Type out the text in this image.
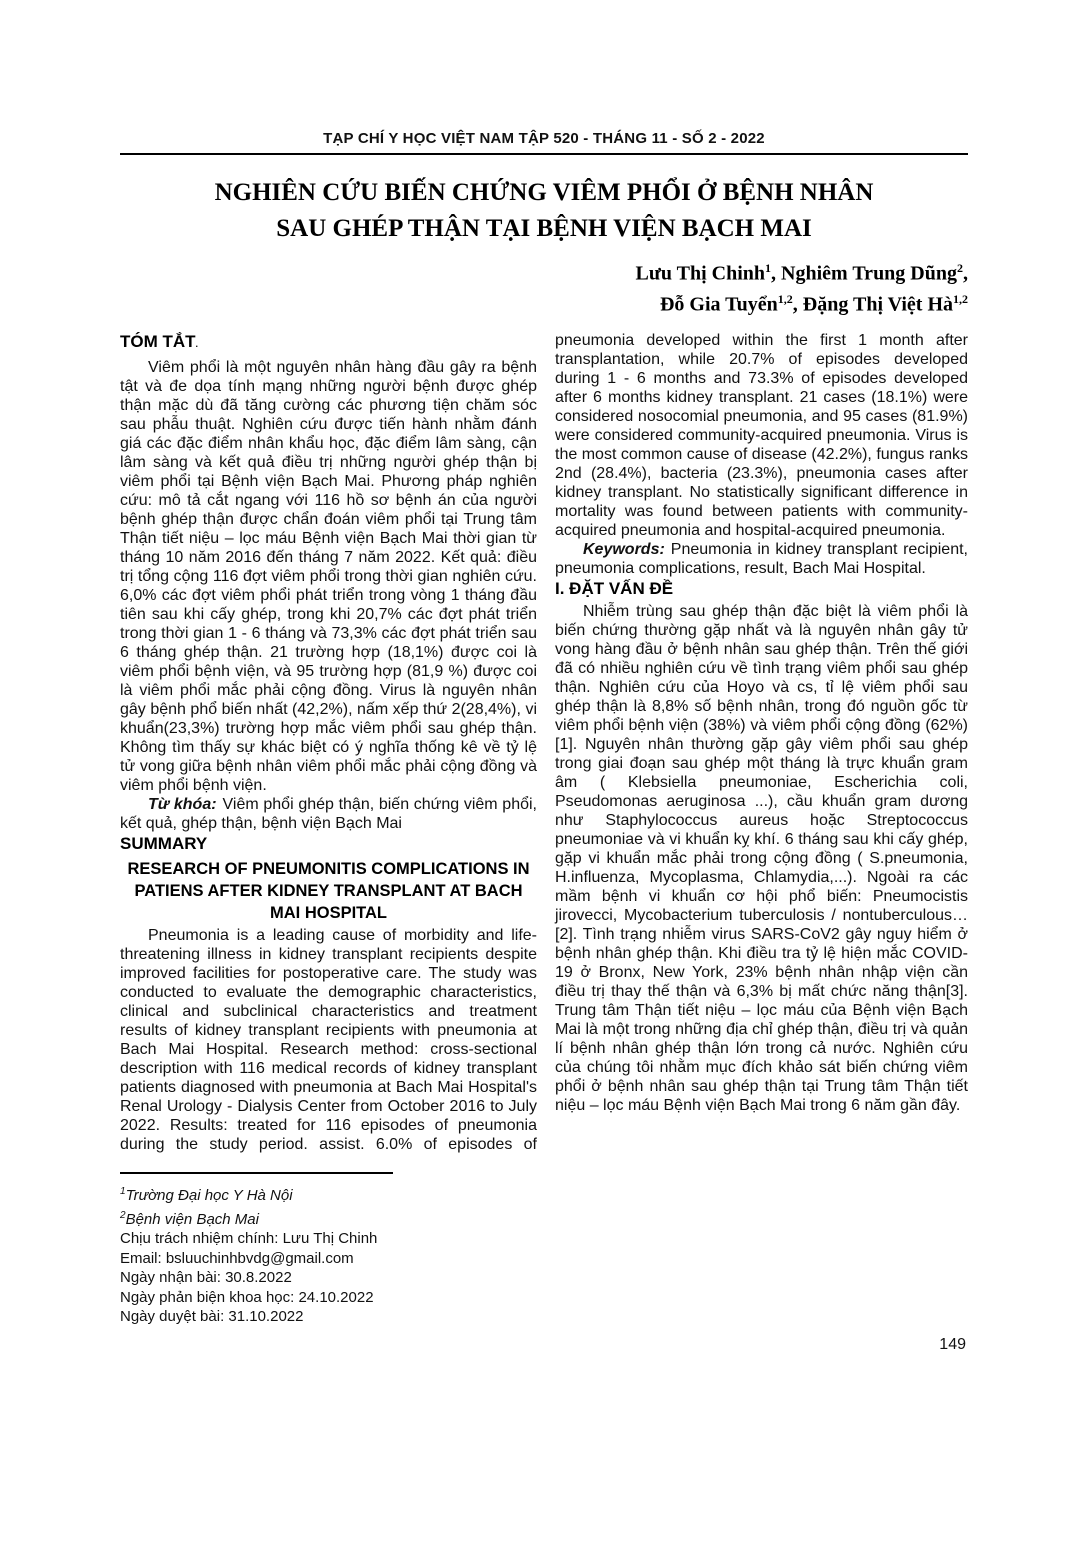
TẠP CHÍ Y HỌC VIỆT NAM TẬP 520 - THÁNG 11 - SỐ 2 - 2022
NGHIÊN CỨU BIẾN CHỨNG VIÊM PHỔI Ở BỆNH NHÂN
SAU GHÉP THẬN TẠI BỆNH VIỆN BẠCH MAI
Lưu Thị Chinh$^1$, Nghiêm Trung Dũng$^2$,
Đỗ Gia Tuyển$^{1,2}$, Đặng Thị Việt Hà$^{1,2}$
TÓM TẮT.

Viêm phổi là một nguyên nhân hàng đầu gây ra bệnh tật và đe dọa tính mạng những người bệnh được ghép thận mặc dù đã tăng cường các phương tiện chăm sóc sau phẫu thuật. Nghiên cứu được tiến hành nhằm đánh giá các đặc điểm nhân khẩu học, đặc điểm lâm sàng, cận lâm sàng và kết quả điều trị những người ghép thận bị viêm phổi tại Bệnh viện Bạch Mai. Phương pháp nghiên cứu: mô tả cắt ngang với 116 hồ sơ bệnh án của người bệnh ghép thận được chẩn đoán viêm phổi tại Trung tâm Thận tiết niệu – lọc máu Bệnh viện Bạch Mai thời gian từ tháng 10 năm 2016 đến tháng 7 năm 2022. Kết quả: điều trị tổng cộng 116 đợt viêm phổi trong thời gian nghiên cứu. 6,0% các đợt viêm phổi phát triển trong vòng 1 tháng đầu tiên sau khi cấy ghép, trong khi 20,7% các đợt phát triển trong thời gian 1 - 6 tháng và 73,3% các đợt phát triển sau 6 tháng ghép thận. 21 trường hợp (18,1%) được coi là viêm phổi bệnh viện, và 95 trường hợp (81,9 %) được coi là viêm phổi mắc phải cộng đồng. Virus là nguyên nhân gây bệnh phổ biến nhất (42,2%), nấm xếp thứ 2(28,4%), vi khuẩn(23,3%) trường hợp mắc viêm phổi sau ghép thận. Không tìm thấy sự khác biệt có ý nghĩa thống kê về tỷ lệ tử vong giữa bệnh nhân viêm phổi mắc phải cộng đồng và viêm phổi bệnh viện.

Từ khóa: Viêm phổi ghép thận, biến chứng viêm phổi, kết quả, ghép thận, bệnh viện Bạch Mai

SUMMARY
RESEARCH OF PNEUMONITIS COMPLICATIONS IN PATIENS AFTER KIDNEY TRANSPLANT AT BACH MAI HOSPITAL

Pneumonia is a leading cause of morbidity and life-threatening illness in kidney transplant recipients despite improved facilities for postoperative care. The study was conducted to evaluate the demographic characteristics, clinical and subclinical characteristics and treatment results of kidney transplant recipients with pneumonia at Bach Mai Hospital. Research method: cross-sectional description with 116 medical records of kidney transplant patients diagnosed with pneumonia at Bach Mai Hospital's Renal Urology - Dialysis Center from October 2016 to July 2022. Results: treated for 116 episodes of pneumonia during the study period. assist. 6.0% of episodes of

$^1$Trường Đại học Y Hà Nội

$^2$Bệnh viện Bạch Mai

Chịu trách nhiệm chính: Lưu Thị Chinh

Email: bsluuchinhbvdg@gmail.com

Ngày nhận bài: 30.8.2022

Ngày phản biện khoa học: 24.10.2022

Ngày duyệt bài: 31.10.2022

pneumonia developed within the first 1 month after transplantation, while 20.7% of episodes developed during 1 - 6 months and 73.3% of episodes developed after 6 months kidney transplant. 21 cases (18.1%) were considered nosocomial pneumonia, and 95 cases (81.9%) were considered community-acquired pneumonia. Virus is the most common cause of disease (42.2%), fungus ranks 2nd (28.4%), bacteria (23.3%), pneumonia cases after kidney transplant. No statistically significant difference in mortality was found between patients with community-acquired pneumonia and hospital-acquired pneumonia.

Keywords: Pneumonia in kidney transplant recipient, pneumonia complications, result, Bach Mai Hospital.

I. ĐẶT VẤN ĐỀ

Nhiễm trùng sau ghép thận đặc biệt là viêm phổi là biến chứng thường gặp nhất và là nguyên nhân gây tử vong hàng đầu ở bệnh nhân sau ghép thận. Trên thế giới đã có nhiều nghiên cứu về tình trạng viêm phổi sau ghép thận. Nghiên cứu của Hoyo và cs, tỉ lệ viêm phổi sau ghép thận là 8,8% số bệnh nhân, trong đó nguồn gốc từ viêm phổi bệnh viện (38%) và viêm phổi cộng đồng (62%) [1]. Nguyên nhân thường gặp gây viêm phổi sau ghép trong giai đoạn sau ghép một tháng là trực khuẩn gram âm ( Klebsiella pneumoniae, Escherichia coli, Pseudomonas aeruginosa ...), cầu khuẩn gram dương như Staphylococcus aureus hoặc Streptococcus pneumoniae và vi khuẩn kỵ khí. 6 tháng sau khi cấy ghép, gặp vi khuẩn mắc phải trong cộng đồng ( S.pneumonia, H.influenza, Mycoplasma, Chlamydia,...). Ngoài ra các mầm bệnh vi khuẩn cơ hội phổ biến: Pneumocistis jirovecci, Mycobacterium tuberculosis / nontuberculous…[2]. Tình trạng nhiễm virus SARS-CoV2 gây nguy hiểm ở bệnh nhân ghép thận. Khi điều tra tỷ lệ hiện mắc COVID-19 ở Bronx, New York, 23% bệnh nhân nhập viện cần điều trị thay thế thận và 6,3% bị mất chức năng thận[3]. Trung tâm Thận tiết niệu – lọc máu của Bệnh viện Bạch Mai là một trong những địa chỉ ghép thận, điều trị và quản lí bệnh nhân ghép thận lớn trong cả nước. Nghiên cứu của chúng tôi nhằm mục đích khảo sát biến chứng viêm phổi ở bệnh nhân sau ghép thận tại Trung tâm Thận tiết niệu – lọc máu Bệnh viện Bạch Mai trong 6 năm gần đây.

149
